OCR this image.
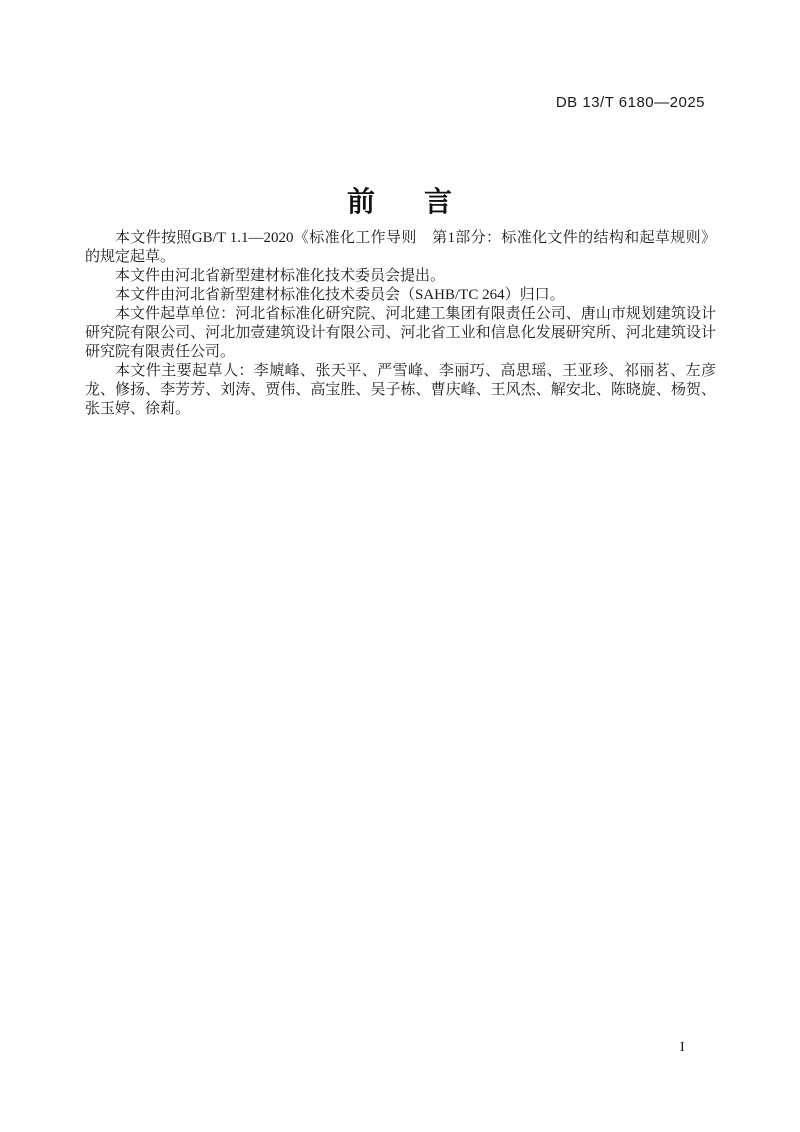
DB 13/T 6180—2025
前 言

本文件按照GB/T 1.1—2020《标准化工作导则　第1部分：标准化文件的结构和起草规则》的规定起草。

本文件由河北省新型建材标准化技术委员会提出。

本文件由河北省新型建材标准化技术委员会（SAHB/TC 264）归口。

本文件起草单位：河北省标准化研究院、河北建工集团有限责任公司、唐山市规划建筑设计研究院有限公司、河北加壹建筑设计有限公司、河北省工业和信息化发展研究所、河北建筑设计研究院有限责任公司。

本文件主要起草人：李虓峰、张天平、严雪峰、李丽巧、高思瑶、王亚珍、祁丽茗、左彦龙、修扬、李芳芳、刘涛、贾伟、高宝胜、吴子栋、曹庆峰、王风杰、解安北、陈晓旋、杨贺、张玉婷、徐莉。

I
